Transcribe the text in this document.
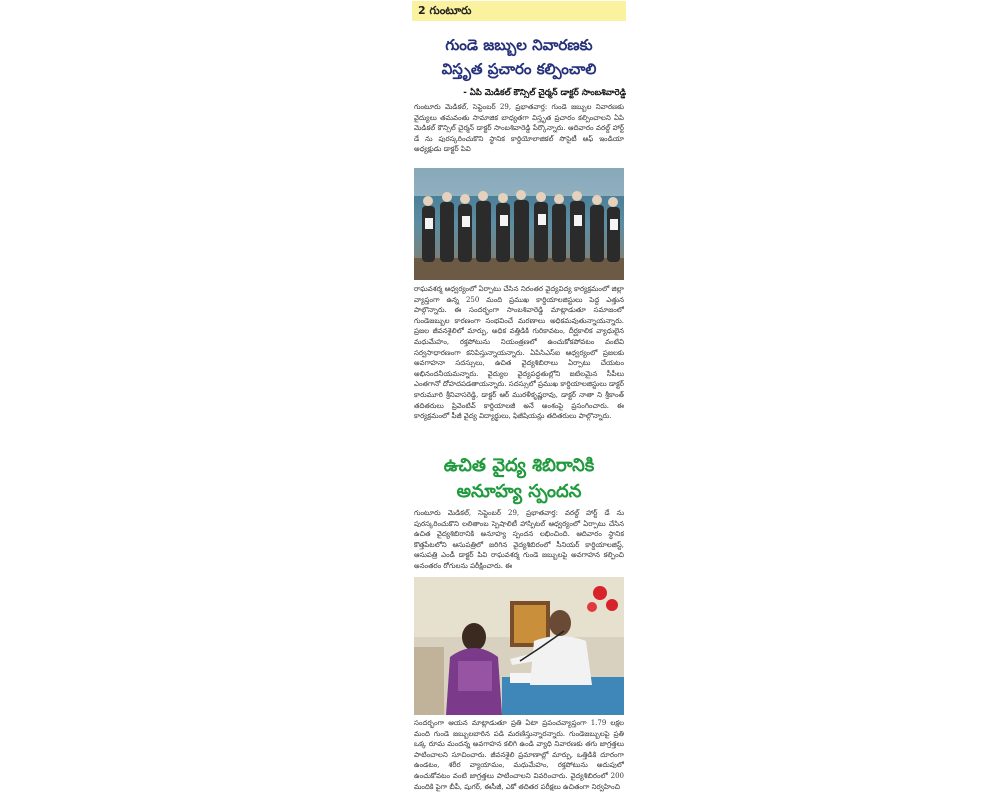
2 గుంటూరు
గుండె జబ్బుల నివారణకు
విస్తృత ప్రచారం కల్పించాలి
- ఏపి మెడికల్ కౌన్సిల్ చైర్మన్ డాక్టర్ సాంబశివారెడ్డి
గుంటూరు మెడికల్, సెప్టెంబర్ 29, ప్రభాతవార్త: గుండె జబ్బుల నివారణకు వైద్యులు తమవంతు సామాజిక బాధ్యతగా విస్తృత ప్రచారం కల్పించాలని ఏపి మెడికల్ కౌన్సిల్ చైర్మన్ డాక్టర్ సాంబశివారెడ్డి పేర్కొన్నారు. ఆదివారం వరల్డ్ హార్ట్ డే ను పురస్కరించుకొని స్థానిక కార్డియోలాజికల్ సొసైటీ ఆఫ్ ఇండియా అధ్యక్షుడు డాక్టర్ పివి
రాఘవశర్మ ఆధ్వర్యంలో ఏర్పాటు చేసిన నిరంతర వైద్యవిద్య కార్యక్రమంలో జిల్లా వ్యాప్తంగా ఉన్న 250 మంది ప్రముఖ కార్డియాలజిస్టులు పెద్ద ఎత్తున పాల్గొన్నారు. ఈ సందర్భంగా సాంబశివారెడ్డి మాట్లాడుతూ సమాజంలో గుండెజబ్బుల కారణంగా సంభవించే మరణాలు అధికమవుతున్నాయన్నారు. ప్రజల జీవనశైలిలో మార్పు, అధిక వత్తిడికి గురికావటం, దీర్ఘకాలిక వ్యాధులైన మధుమేహం, రక్తపోటును నియంత్రణలో ఉంచుకోకపోవటం వంటివి సర్వసాధారణంగా కనిపిస్తున్నాయన్నారు. ఏపిసిఎస్ఐ ఆధ్వర్యంలో ప్రజలకు అవగాహనా సదస్సులు, ఉచిత వైద్యశిబిరాలు ఏర్పాటు చేయటం అభినందనీయమన్నారు. వైద్యుల వైద్యపద్ధతుల్లోని జటిలమైన సీపీలు ఎంతగానో దోహదపడతాయన్నారు. సదస్సులో ప్రముఖ కార్డియాలజిస్టులు డాక్టర్ కారుమూరి శ్రీనివాసరెడ్డి, డాక్టర్ ఆర్ మురళీకృష్ణరావు, డాక్టర్ నాతా ని శ్రీకాంత్ తదితరులు ప్రివెంటివ్ కార్డియాలజీ అనే అంశంపై ప్రసంగించారు. ఈ కార్యక్రమంలో పీజీ వైద్య విద్యార్థులు, ఫిజీషియన్లు తదితరులు పాల్గొన్నారు.
ఉచిత వైద్య శిబిరానికి
అనూహ్య స్పందన
గుంటూరు మెడికల్, సెప్టెంబర్ 29, ప్రభాతవార్త: వరల్డ్ హార్ట్ డే ను పురస్కరించుకొని లలితాంబ స్పెషాలిటీ హాస్పిటల్ ఆధ్వర్యంలో ఏర్పాటు చేసిన ఉచిత వైద్యశిబిరానికి అనూహ్య స్పందన లభించింది. ఆదివారం స్థానిక కొత్తపేటలోని ఆసుపత్రిలో జరిగిన వైద్యశిబిరంలో సీనియర్ కార్డియాలజిస్ట్, ఆసుపత్రి ఎండీ డాక్టర్ పివి రాఘవశర్మ గుండె జబ్బులపై అవగాహన కల్పించి అనంతరం రోగులను పరీక్షించారు. ఈ
సందర్భంగా ఆయన మాట్లాడుతూ ప్రతి ఏటా ప్రపంచవ్యాప్తంగా 1.79 లక్షల మంది గుండె జబ్బులబారిన పడి మరణిస్తున్నారన్నారు. గుండెజబ్బులపై ప్రతి ఒక్క రూమ మందన్న అవగాహన కలిగి ఉండి వ్యాధి నివారణకు తగు జాగ్రత్తలు పాటించాలని సూచించారు. జీవనశైలి ప్రమాణాల్లో మార్పు, ఒత్తిడికి దూరంగా ఉండటం, శరీర వ్యాయామం, మధుమేహం, రక్తపోటును అదుపులో ఉంచుకోవటం వంటి జాగ్రత్తలు పాటించాలని వివరించారు. వైద్యశిబిరంలో 200 మందికి పైగా బీపీ, షుగర్, ఈసీజీ, ఎకో తదితర పరీక్షలు ఉచితంగా నిర్వహించి
